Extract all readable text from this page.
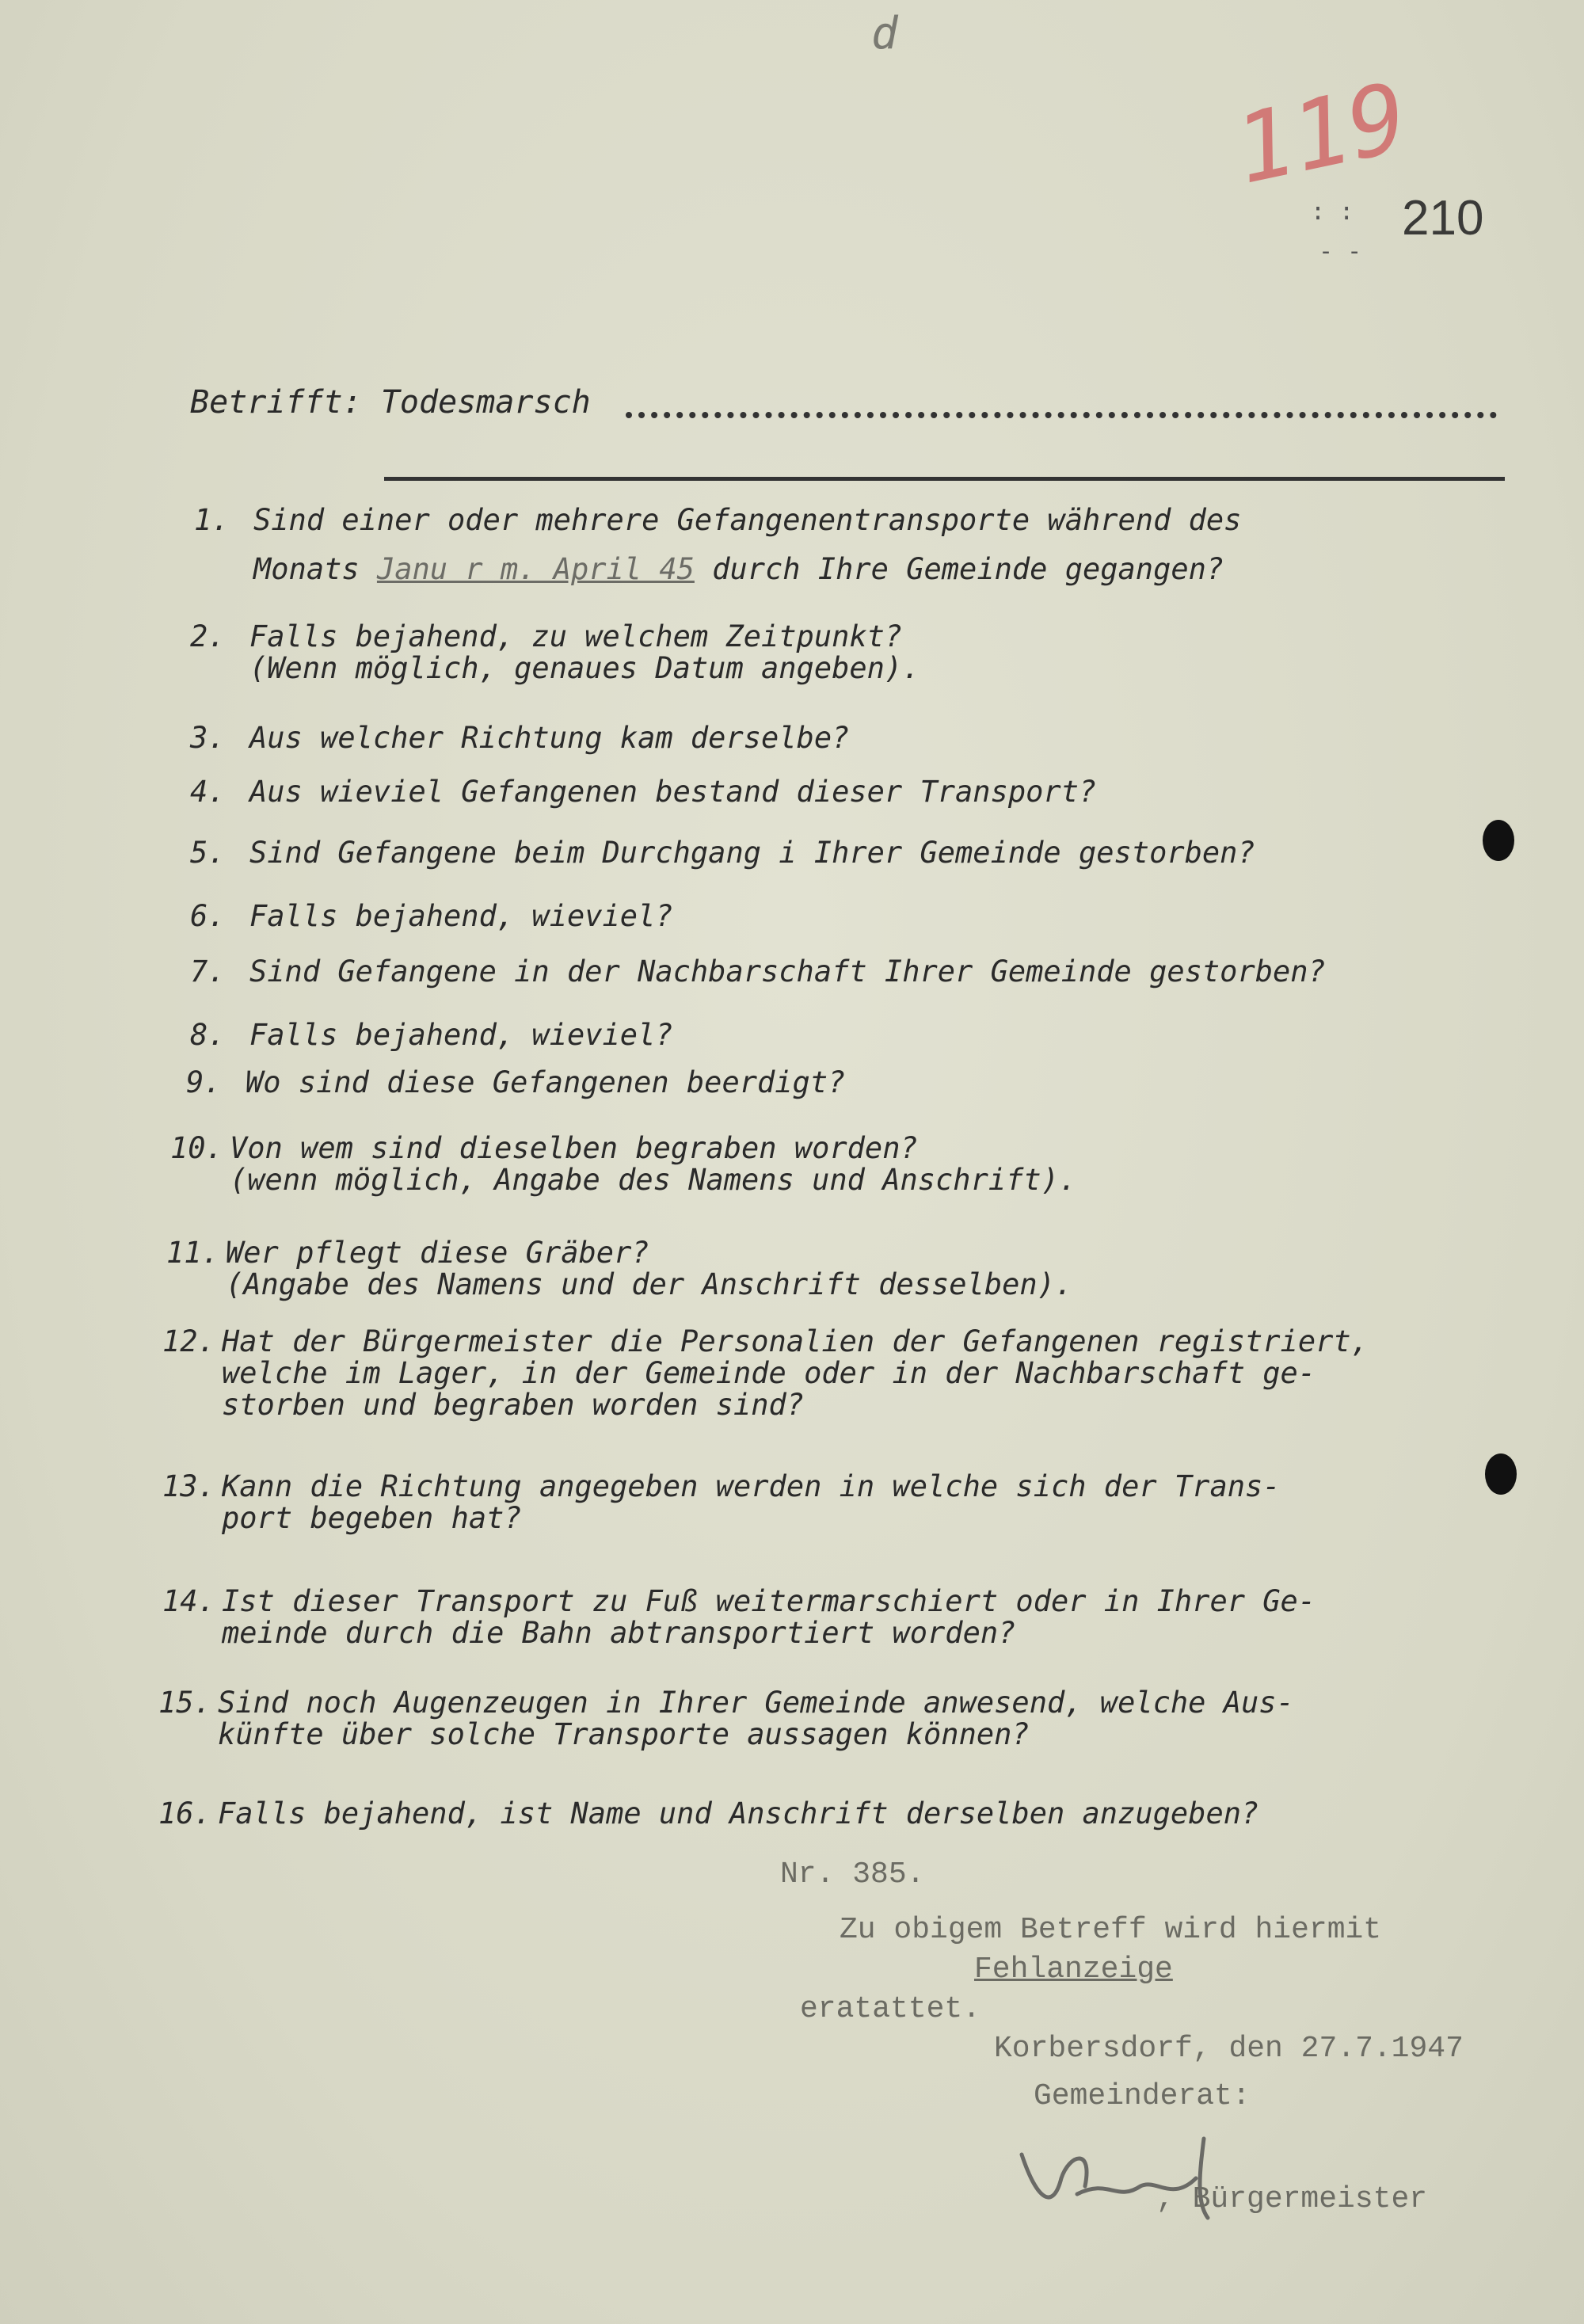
d
119
: :
- -
210
Betrifft: Todesmarsch
1. Sind einer oder mehrere Gefangenentransporte während des
Monats Janu r m. April 45 durch Ihre Gemeinde gegangen?
2. Falls bejahend, zu welchem Zeitpunkt?
(Wenn möglich, genaues Datum angeben).
3. Aus welcher Richtung kam derselbe?
4. Aus wieviel Gefangenen bestand dieser Transport?
5. Sind Gefangene beim Durchgang i Ihrer Gemeinde gestorben?
6. Falls bejahend, wieviel?
7. Sind Gefangene in der Nachbarschaft Ihrer Gemeinde gestorben?
8. Falls bejahend, wieviel?
9. Wo sind diese Gefangenen beerdigt?
10. Von wem sind dieselben begraben worden?
(wenn möglich, Angabe des Namens und Anschrift).
11. Wer pflegt diese Gräber?
(Angabe des Namens und der Anschrift desselben).
12. Hat der Bürgermeister die Personalien der Gefangenen registriert,
welche im Lager, in der Gemeinde oder in der Nachbarschaft ge-
storben und begraben worden sind?
13. Kann die Richtung angegeben werden in welche sich der Trans-
port begeben hat?
14. Ist dieser Transport zu Fuß weitermarschiert oder in Ihrer Ge-
meinde durch die Bahn abtransportiert worden?
15. Sind noch Augenzeugen in Ihrer Gemeinde anwesend, welche Aus-
künfte über solche Transporte aussagen können?
16. Falls bejahend, ist Name und Anschrift derselben anzugeben?
Nr. 385.
Zu obigem Betreff wird hiermit
Fehlanzeige
eratattet.
Korbersdorf, den 27.7.1947
Gemeinderat:
, Bürgermeister
